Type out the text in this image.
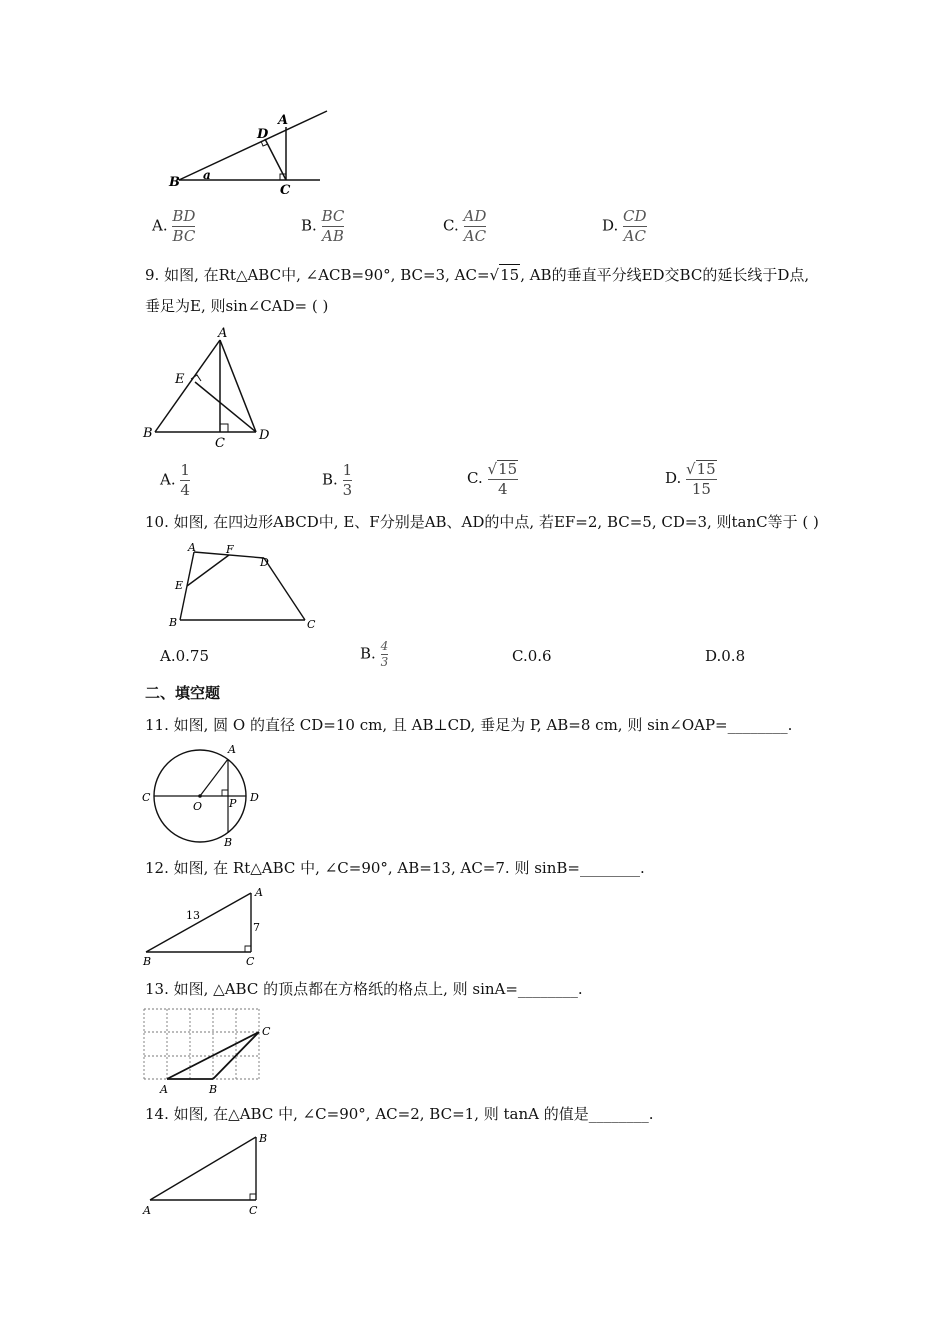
A
D
B
C
a
A. $\frac{BD}{BC}$	B. $\frac{BC}{AB}$	C. $\frac{AD}{AC}$	D. $\frac{CD}{AC}$
9. 如图, 在Rt△ABC中, ∠ACB=90°, BC=3, AC=√ 15 , AB的垂直平分线ED交BC的延长线于D点,
垂足为E, 则sin∠CAD= ( )
A
E
B
C
D
A. $\frac{1}{4}$	B. $\frac{1}{3}$	C. $\frac{√ 15}{4}$	D. $\frac{√ 15}{15}$
10. 如图, 在四边形ABCD中, E、F分别是AB、AD的中点, 若EF=2, BC=5, CD=3, 则tanC等于 ( )
A	F
D
E
B	C
A.0.75	B. $\frac{4}{3}$	C.0.6	D.0.8
二、填空题
11. 如图, 圆 O 的直径 CD=10 cm, 且 AB⊥CD, 垂足为 P, AB=8 cm, 则 sin∠OAP=________.
A
C
O P D
B
12. 如图, 在 Rt△ABC 中, ∠C=90°, AB=13, AC=7. 则 sinB=________.
A
13
7
B	C
13. 如图, △ABC 的顶点都在方格纸的格点上, 则 sinA=________.
C
A	B
14. 如图, 在△ABC 中, ∠C=90°, AC=2, BC=1, 则 tanA 的值是________.
B
A	C
